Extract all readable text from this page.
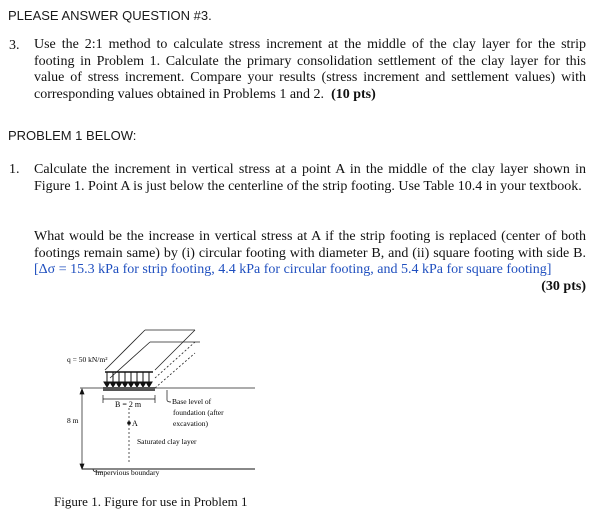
PLEASE ANSWER QUESTION #3.
3. Use the 2:1 method to calculate stress increment at the middle of the clay layer for the strip footing in Problem 1. Calculate the primary consolidation settlement of the clay layer for this value of stress increment. Compare your results (stress increment and settlement values) with corresponding values obtained in Problems 1 and 2. (10 pts)
PROBLEM 1 BELOW:
1. Calculate the increment in vertical stress at a point A in the middle of the clay layer shown in Figure 1. Point A is just below the centerline of the strip footing. Use Table 10.4 in your textbook.
What would be the increase in vertical stress at A if the strip footing is replaced (center of both footings remain same) by (i) circular footing with diameter B, and (ii) square footing with side B. [Δσ = 15.3 kPa for strip footing, 4.4 kPa for circular footing, and 5.4 kPa for square footing]
(30 pts)
q = 50 kN/m²
B = 2 m
A
8 m
Impervious boundary
Base level of
foundation (after
excavation)
Saturated clay layer
Figure 1. Figure for use in Problem 1
